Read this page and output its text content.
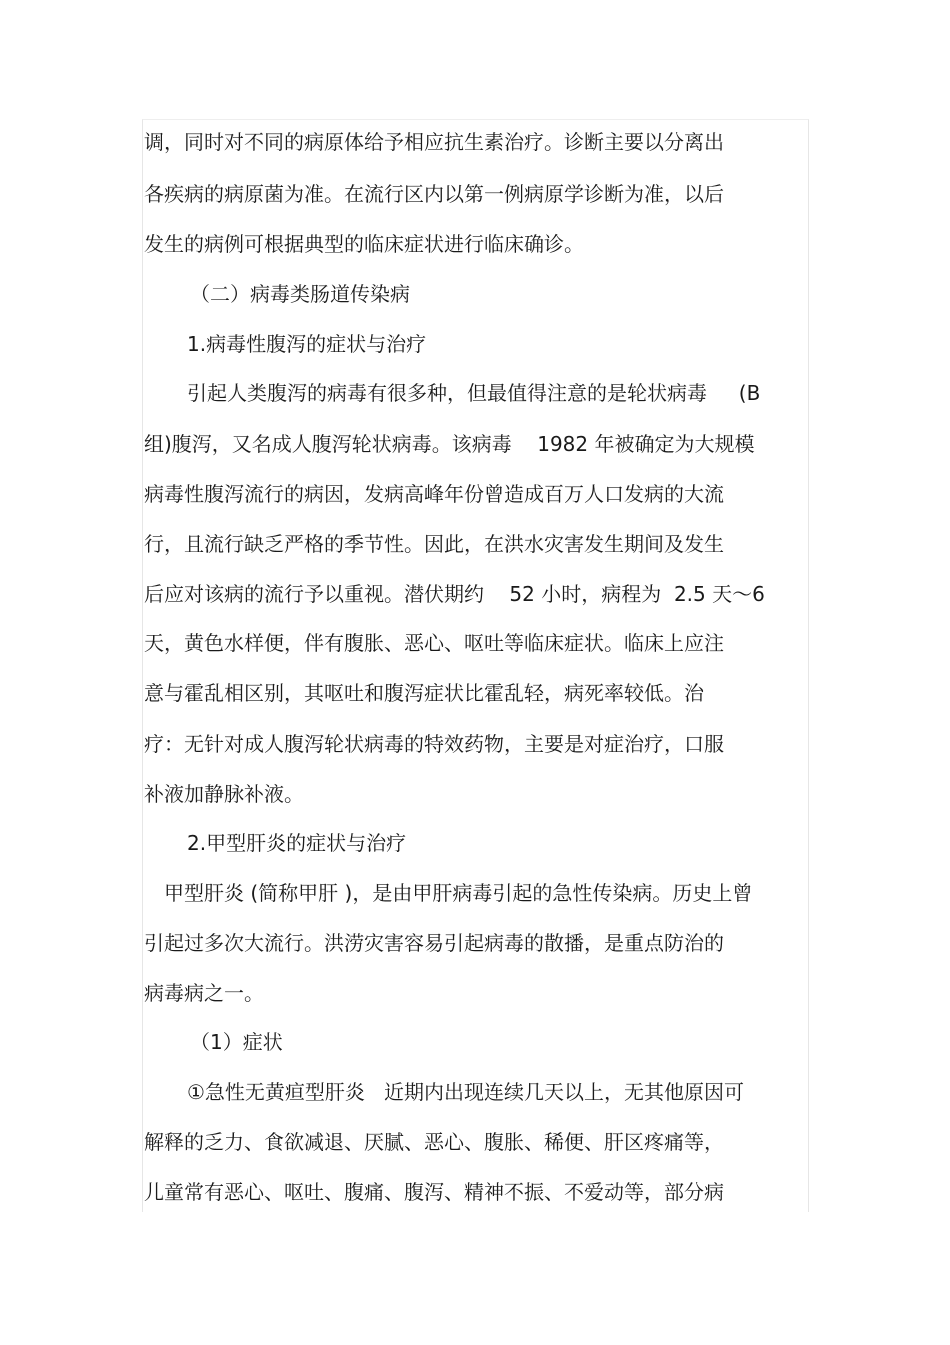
调，同时对不同的病原体给予相应抗生素治疗。诊断主要以分离出

各疾病的病原菌为准。在流行区内以第一例病原学诊断为准，以后

发生的病例可根据典型的临床症状进行临床确诊。

（二）病毒类肠道传染病

1.病毒性腹泻的症状与治疗

引起人类腹泻的病毒有很多种，但最值得注意的是轮状病毒     (B

组)腹泻，又名成人腹泻轮状病毒。该病毒    1982 年被确定为大规模

病毒性腹泻流行的病因，发病高峰年份曾造成百万人口发病的大流

行，且流行缺乏严格的季节性。因此，在洪水灾害发生期间及发生

后应对该病的流行予以重视。潜伏期约    52 小时，病程为  2.5 天～6

天，黄色水样便，伴有腹胀、恶心、呕吐等临床症状。临床上应注

意与霍乱相区别，其呕吐和腹泻症状比霍乱轻，病死率较低。治

疗：无针对成人腹泻轮状病毒的特效药物，主要是对症治疗，口服

补液加静脉补液。

2.甲型肝炎的症状与治疗

甲型肝炎 (简称甲肝 )，是由甲肝病毒引起的急性传染病。历史上曾

引起过多次大流行。洪涝灾害容易引起病毒的散播，是重点防治的

病毒病之一。

（1）症状

①急性无黄疸型肝炎   近期内出现连续几天以上，无其他原因可

解释的乏力、食欲减退、厌腻、恶心、腹胀、稀便、肝区疼痛等，

儿童常有恶心、呕吐、腹痛、腹泻、精神不振、不爱动等，部分病
